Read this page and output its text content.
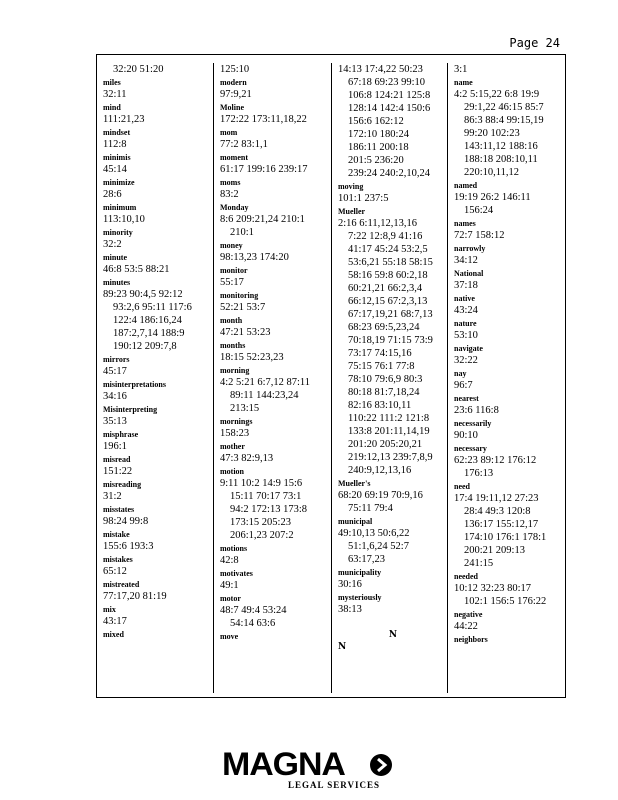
Page 24
32:20 51:20
miles
32:11
mind
111:21,23
mindset
112:8
minimis
45:14
minimize
28:6
minimum
113:10,10
minority
32:2
minute
46:8 53:5 88:21
minutes
89:23 90:4,5 92:12
93:2,6 95:11 117:6
122:4 186:16,24
187:2,7,14 188:9
190:12 209:7,8
mirrors
45:17
misinterpretations
34:16
Misinterpreting
35:13
misphrase
196:1
misread
151:22
misreading
31:2
misstates
98:24 99:8
mistake
155:6 193:3
mistakes
65:12
mistreated
77:17,20 81:19
mix
43:17
mixed
125:10
modern
97:9,21
Moline
172:22 173:11,18,22
mom
77:2 83:1,1
moment
61:17 199:16 239:17
moms
83:2
Monday
8:6 209:21,24 210:1
210:1
money
98:13,23 174:20
monitor
55:17
monitoring
52:21 53:7
month
47:21 53:23
months
18:15 52:23,23
morning
4:2 5:21 6:7,12 87:11
89:11 144:23,24
213:15
mornings
158:23
mother
47:3 82:9,13
motion
9:11 10:2 14:9 15:6
15:11 70:17 73:1
94:2 172:13 173:8
173:15 205:23
206:1,23 207:2
motions
42:8
motivates
49:1
motor
48:7 49:4 53:24
54:14 63:6
move
14:13 17:4,22 50:23
67:18 69:23 99:10
106:8 124:21 125:8
128:14 142:4 150:6
156:6 162:12
172:10 180:24
186:11 200:18
201:5 236:20
239:24 240:2,10,24
moving
101:1 237:5
Mueller
2:16 6:11,12,13,16
7:22 12:8,9 41:16
41:17 45:24 53:2,5
53:6,21 55:18 58:15
58:16 59:8 60:2,18
60:21,21 66:2,3,4
66:12,15 67:2,3,13
67:17,19,21 68:7,13
68:23 69:5,23,24
70:18,19 71:15 73:9
73:17 74:15,16
75:15 76:1 77:8
78:10 79:6,9 80:3
80:18 81:7,18,24
82:16 83:10,11
110:22 111:2 121:8
133:8 201:11,14,19
201:20 205:20,21
219:12,13 239:7,8,9
240:9,12,13,16
Mueller's
68:20 69:19 70:9,16
75:11 79:4
municipal
49:10,13 50:6,22
51:1,6,24 52:7
63:17,23
municipality
30:16
mysteriously
38:13
N
N
3:1
name
4:2 5:15,22 6:8 19:9
29:1,22 46:15 85:7
86:3 88:4 99:15,19
99:20 102:23
143:11,12 188:16
188:18 208:10,11
220:10,11,12
named
19:19 26:2 146:11
156:24
names
72:7 158:12
narrowly
34:12
National
37:18
native
43:24
nature
53:10
navigate
32:22
nay
96:7
nearest
23:6 116:8
necessarily
90:10
necessary
62:23 89:12 176:12
176:13
need
17:4 19:11,12 27:23
28:4 49:3 120:8
136:17 155:12,17
174:10 176:1 178:1
200:21 209:13
241:15
needed
10:12 32:23 80:17
102:1 156:5 176:22
negative
44:22
neighbors
MAGNA
LEGAL SERVICES
